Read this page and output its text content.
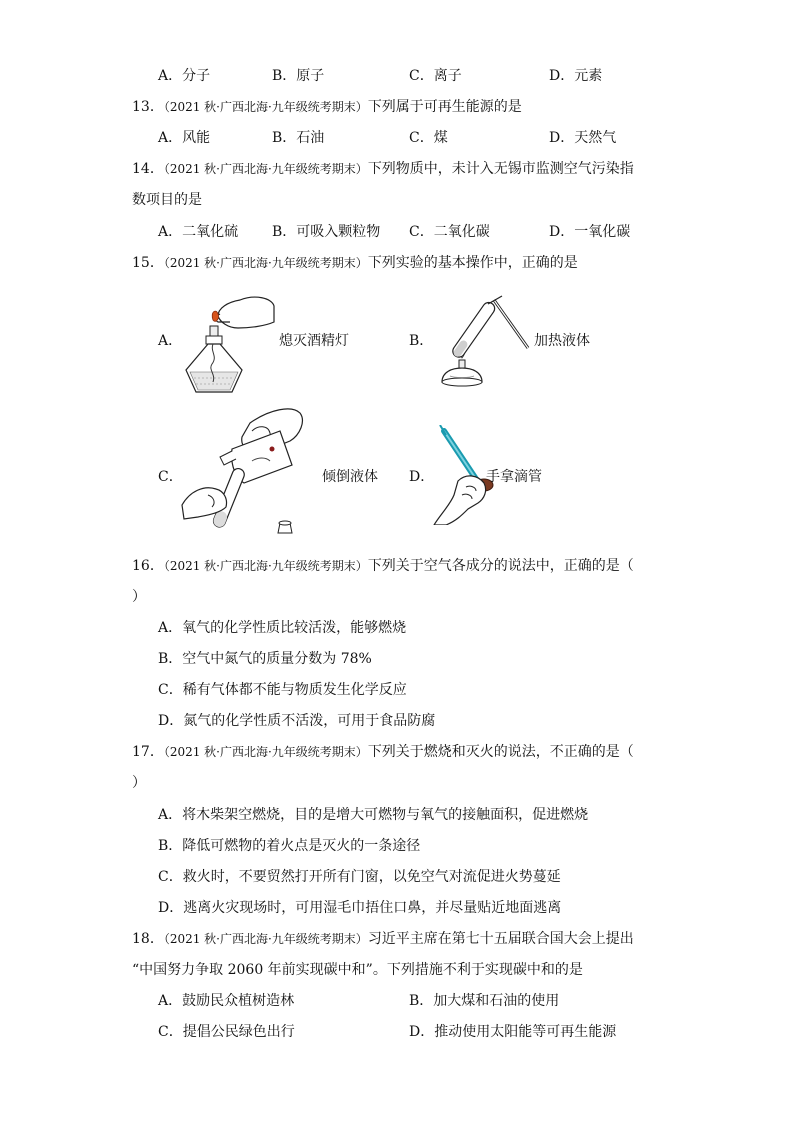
A．分子	B．原子	C．离子	D．元素
13．（2021 秋·广西北海·九年级统考期末）下列属于可再生能源的是
A．风能	B．石油	C．煤	D．天然气
14．（2021 秋·广西北海·九年级统考期末）下列物质中，未计入无锡市监测空气污染指
数项目的是
A．二氧化硫 B．可吸入颗粒物 C．二氧化碳	D．一氧化碳
15．（2021 秋·广西北海·九年级统考期末）下列实验的基本操作中，正确的是
A．	熄灭酒精灯	B．	加热液体
C．	倾倒液体 D．	手拿滴管
16．（2021 秋·广西北海·九年级统考期末）下列关于空气各成分的说法中，正确的是（
）
A．氧气的化学性质比较活泼，能够燃烧
B．空气中氮气的质量分数为 78%
C．稀有气体都不能与物质发生化学反应
D．氮气的化学性质不活泼，可用于食品防腐
17．（2021 秋·广西北海·九年级统考期末）下列关于燃烧和灭火的说法，不正确的是（
）
A．将木柴架空燃烧，目的是增大可燃物与氧气的接触面积，促进燃烧
B．降低可燃物的着火点是灭火的一条途径
C．救火时，不要贸然打开所有门窗，以免空气对流促进火势蔓延
D．逃离火灾现场时，可用湿毛巾捂住口鼻，并尽量贴近地面逃离
18．（2021 秋·广西北海·九年级统考期末）习近平主席在第七十五届联合国大会上提出
“中国努力争取 2060 年前实现碳中和”。下列措施不利于实现碳中和的是
A．鼓励民众植树造林	B．加大煤和石油的使用
C．提倡公民绿色出行	D．推动使用太阳能等可再生能源
